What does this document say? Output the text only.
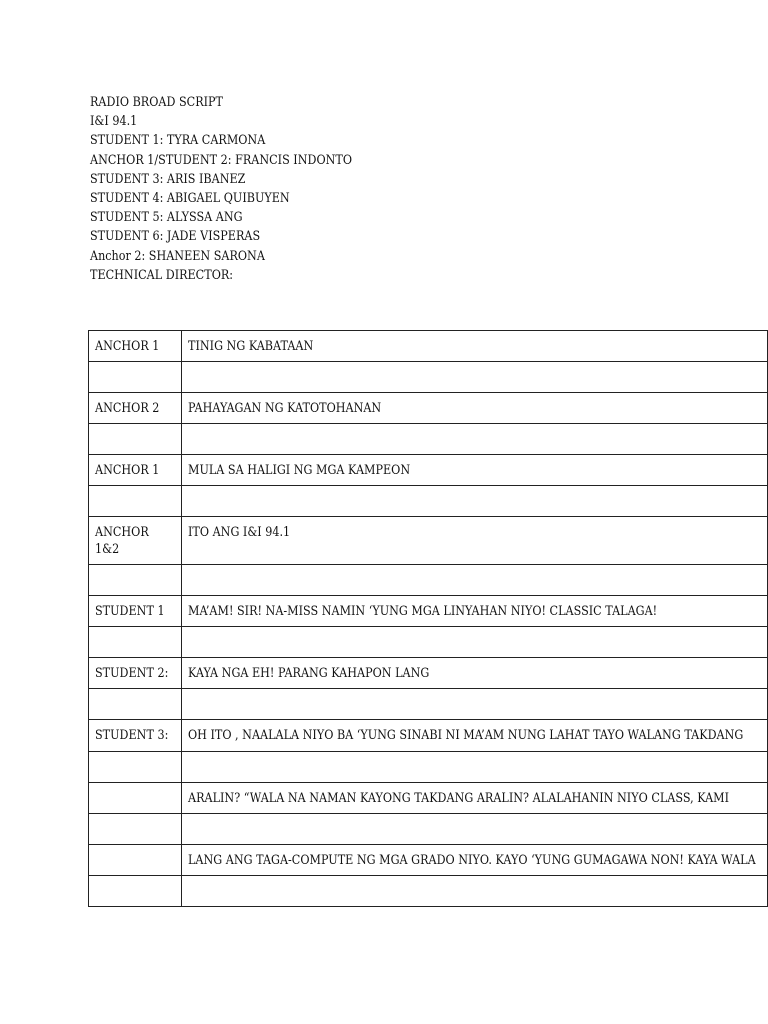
RADIO BROAD SCRIPT
I&I 94.1
STUDENT 1: TYRA CARMONA
ANCHOR 1/STUDENT 2: FRANCIS INDONTO
STUDENT 3: ARIS IBANEZ
STUDENT 4: ABIGAEL QUIBUYEN
STUDENT 5: ALYSSA ANG
STUDENT 6: JADE VISPERAS
Anchor 2: SHANEEN SARONA
TECHNICAL DIRECTOR:
ANCHOR 1	TINIG NG KABATAAN

ANCHOR 2	PAHAYAGAN NG KATOTOHANAN

ANCHOR 1	MULA SA HALIGI NG MGA KAMPEON

ANCHOR 1&2	ITO ANG I&I 94.1

STUDENT 1	MA’AM! SIR! NA-MISS NAMIN ‘YUNG MGA LINYAHAN NIYO! CLASSIC TALAGA!

STUDENT 2:	KAYA NGA EH! PARANG KAHAPON LANG

STUDENT 3:	OH ITO , NAALALA NIYO BA ‘YUNG SINABI NI MA’AM NUNG LAHAT TAYO WALANG TAKDANG

	ARALIN? “WALA NA NAMAN KAYONG TAKDANG ARALIN? ALALAHANIN NIYO CLASS, KAMI

	LANG ANG TAGA-COMPUTE NG MGA GRADO NIYO. KAYO ‘YUNG GUMAGAWA NON! KAYA WALA
